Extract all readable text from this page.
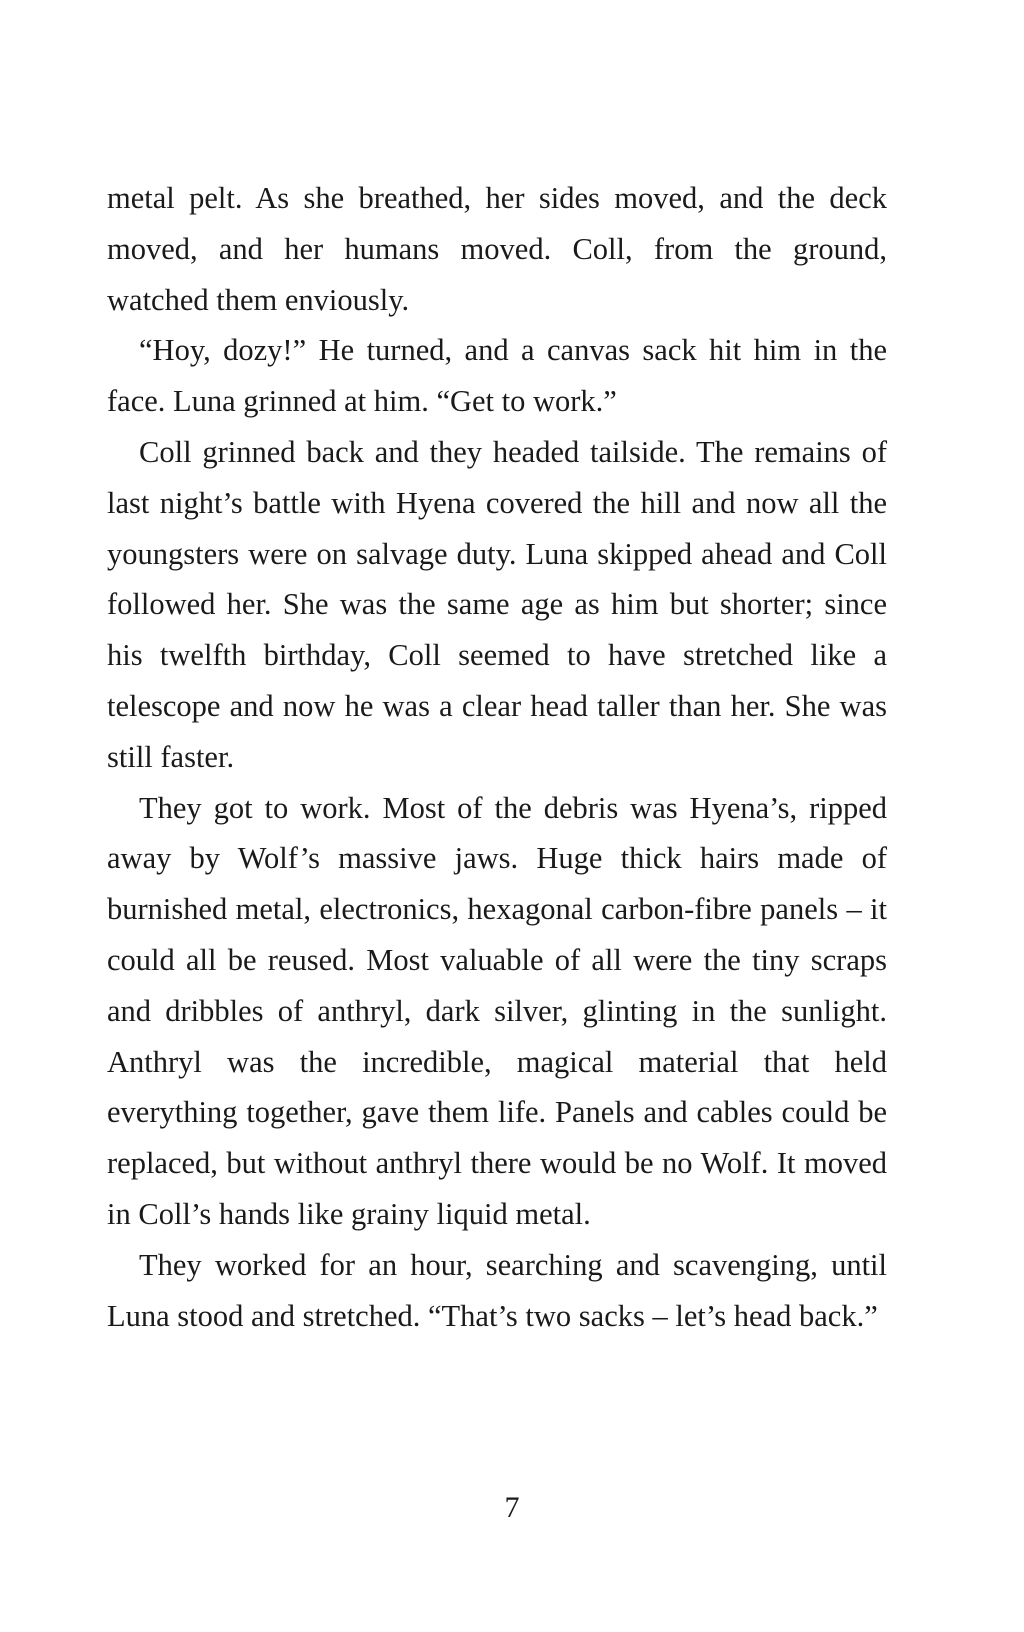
metal pelt. As she breathed, her sides moved, and the deck moved, and her humans moved. Coll, from the ground, watched them enviously.

“Hoy, dozy!” He turned, and a canvas sack hit him in the face. Luna grinned at him. “Get to work.”

Coll grinned back and they headed tailside. The remains of last night’s battle with Hyena covered the hill and now all the youngsters were on salvage duty. Luna skipped ahead and Coll followed her. She was the same age as him but shorter; since his twelfth birthday, Coll seemed to have stretched like a telescope and now he was a clear head taller than her. She was still faster.

They got to work. Most of the debris was Hyena’s, ripped away by Wolf’s massive jaws. Huge thick hairs made of burnished metal, electronics, hexagonal carbon-fibre panels – it could all be reused. Most valuable of all were the tiny scraps and dribbles of anthryl, dark silver, glinting in the sunlight. Anthryl was the incredible, magical material that held everything together, gave them life. Panels and cables could be replaced, but without anthryl there would be no Wolf. It moved in Coll’s hands like grainy liquid metal.

They worked for an hour, searching and scavenging, until Luna stood and stretched. “That’s two sacks – let’s head back.”

7
